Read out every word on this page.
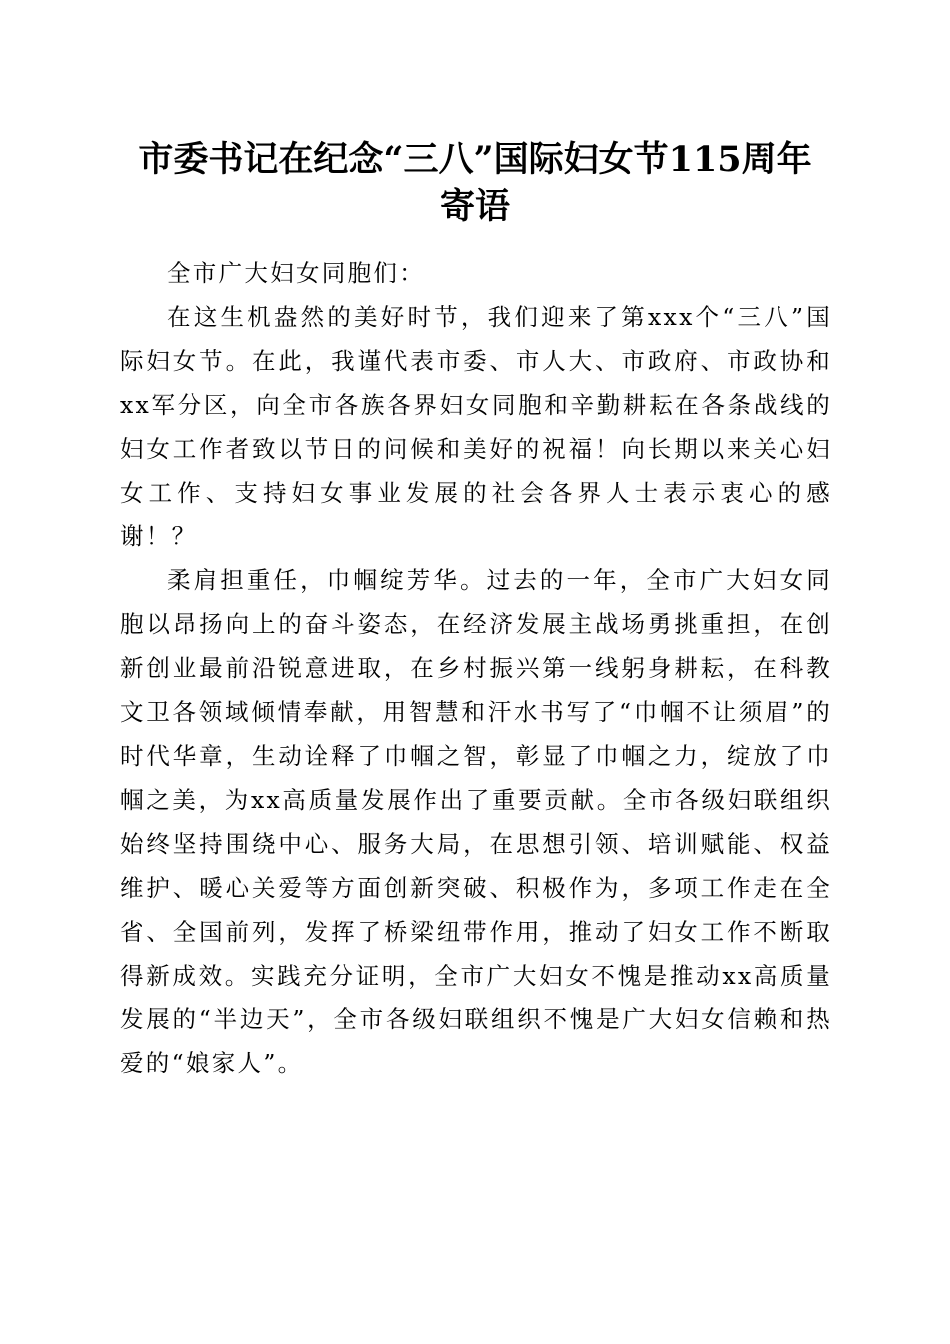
市委书记在纪念“三八”国际妇女节115周年
寄语

全市广大妇女同胞们：

在这生机盎然的美好时节，我们迎来了第xxx个“三八”国际妇女节。在此，我谨代表市委、市人大、市政府、市政协和xx军分区，向全市各族各界妇女同胞和辛勤耕耘在各条战线的妇女工作者致以节日的问候和美好的祝福！向长期以来关心妇女工作、支持妇女事业发展的社会各界人士表示衷心的感谢！？

柔肩担重任，巾帼绽芳华。过去的一年，全市广大妇女同胞以昂扬向上的奋斗姿态，在经济发展主战场勇挑重担，在创新创业最前沿锐意进取，在乡村振兴第一线躬身耕耘，在科教文卫各领域倾情奉献，用智慧和汗水书写了“巾帼不让须眉”的时代华章，生动诠释了巾帼之智，彰显了巾帼之力，绽放了巾帼之美，为xx高质量发展作出了重要贡献。全市各级妇联组织始终坚持围绕中心、服务大局，在思想引领、培训赋能、权益维护、暖心关爱等方面创新突破、积极作为，多项工作走在全省、全国前列，发挥了桥梁纽带作用，推动了妇女工作不断取得新成效。实践充分证明，全市广大妇女不愧是推动xx高质量发展的“半边天”，全市各级妇联组织不愧是广大妇女信赖和热爱的“娘家人”。
